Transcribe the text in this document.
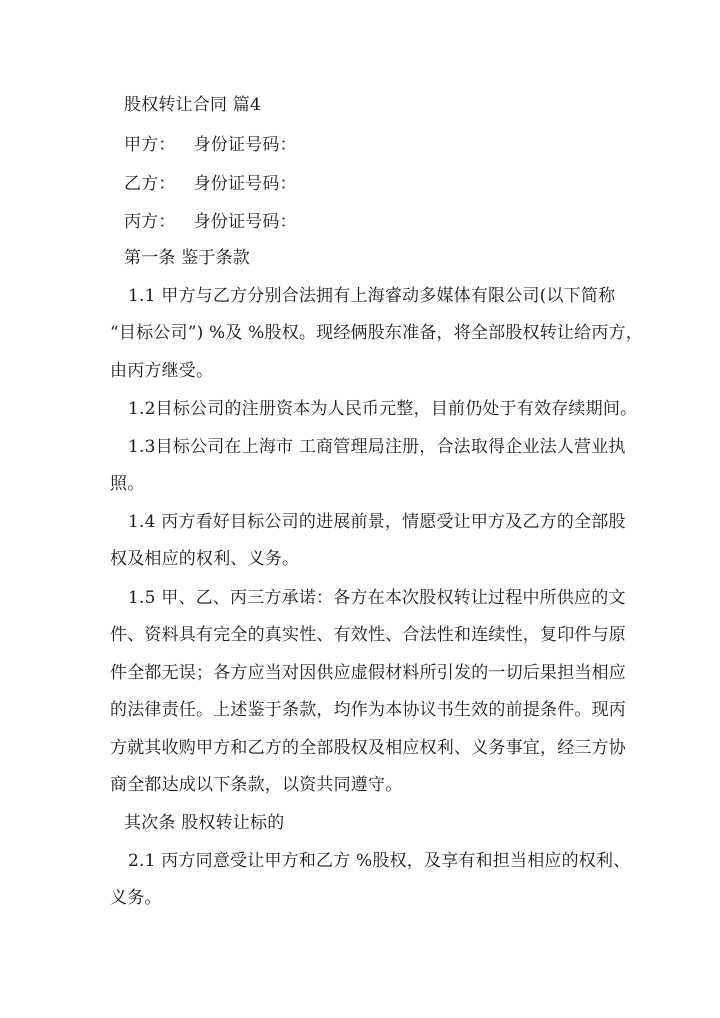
股权转让合同 篇4
甲方： 身份证号码：
乙方： 身份证号码：
丙方： 身份证号码：
第一条 鉴于条款
1.1 甲方与乙方分别合法拥有上海睿动多媒体有限公司(以下简称
“目标公司”) %及 %股权。现经俩股东准备，将全部股权转让给丙方，
由丙方继受。
1.2目标公司的注册资本为人民币元整，目前仍处于有效存续期间。
1.3目标公司在上海市 工商管理局注册，合法取得企业法人营业执
照。
1.4 丙方看好目标公司的进展前景，情愿受让甲方及乙方的全部股
权及相应的权利、义务。
1.5 甲、乙、丙三方承诺：各方在本次股权转让过程中所供应的文
件、资料具有完全的真实性、有效性、合法性和连续性，复印件与原
件全都无误；各方应当对因供应虚假材料所引发的一切后果担当相应
的法律责任。上述鉴于条款，均作为本协议书生效的前提条件。现丙
方就其收购甲方和乙方的全部股权及相应权利、义务事宜，经三方协
商全都达成以下条款，以资共同遵守。
其次条 股权转让标的
2.1 丙方同意受让甲方和乙方 %股权，及享有和担当相应的权利、
义务。
